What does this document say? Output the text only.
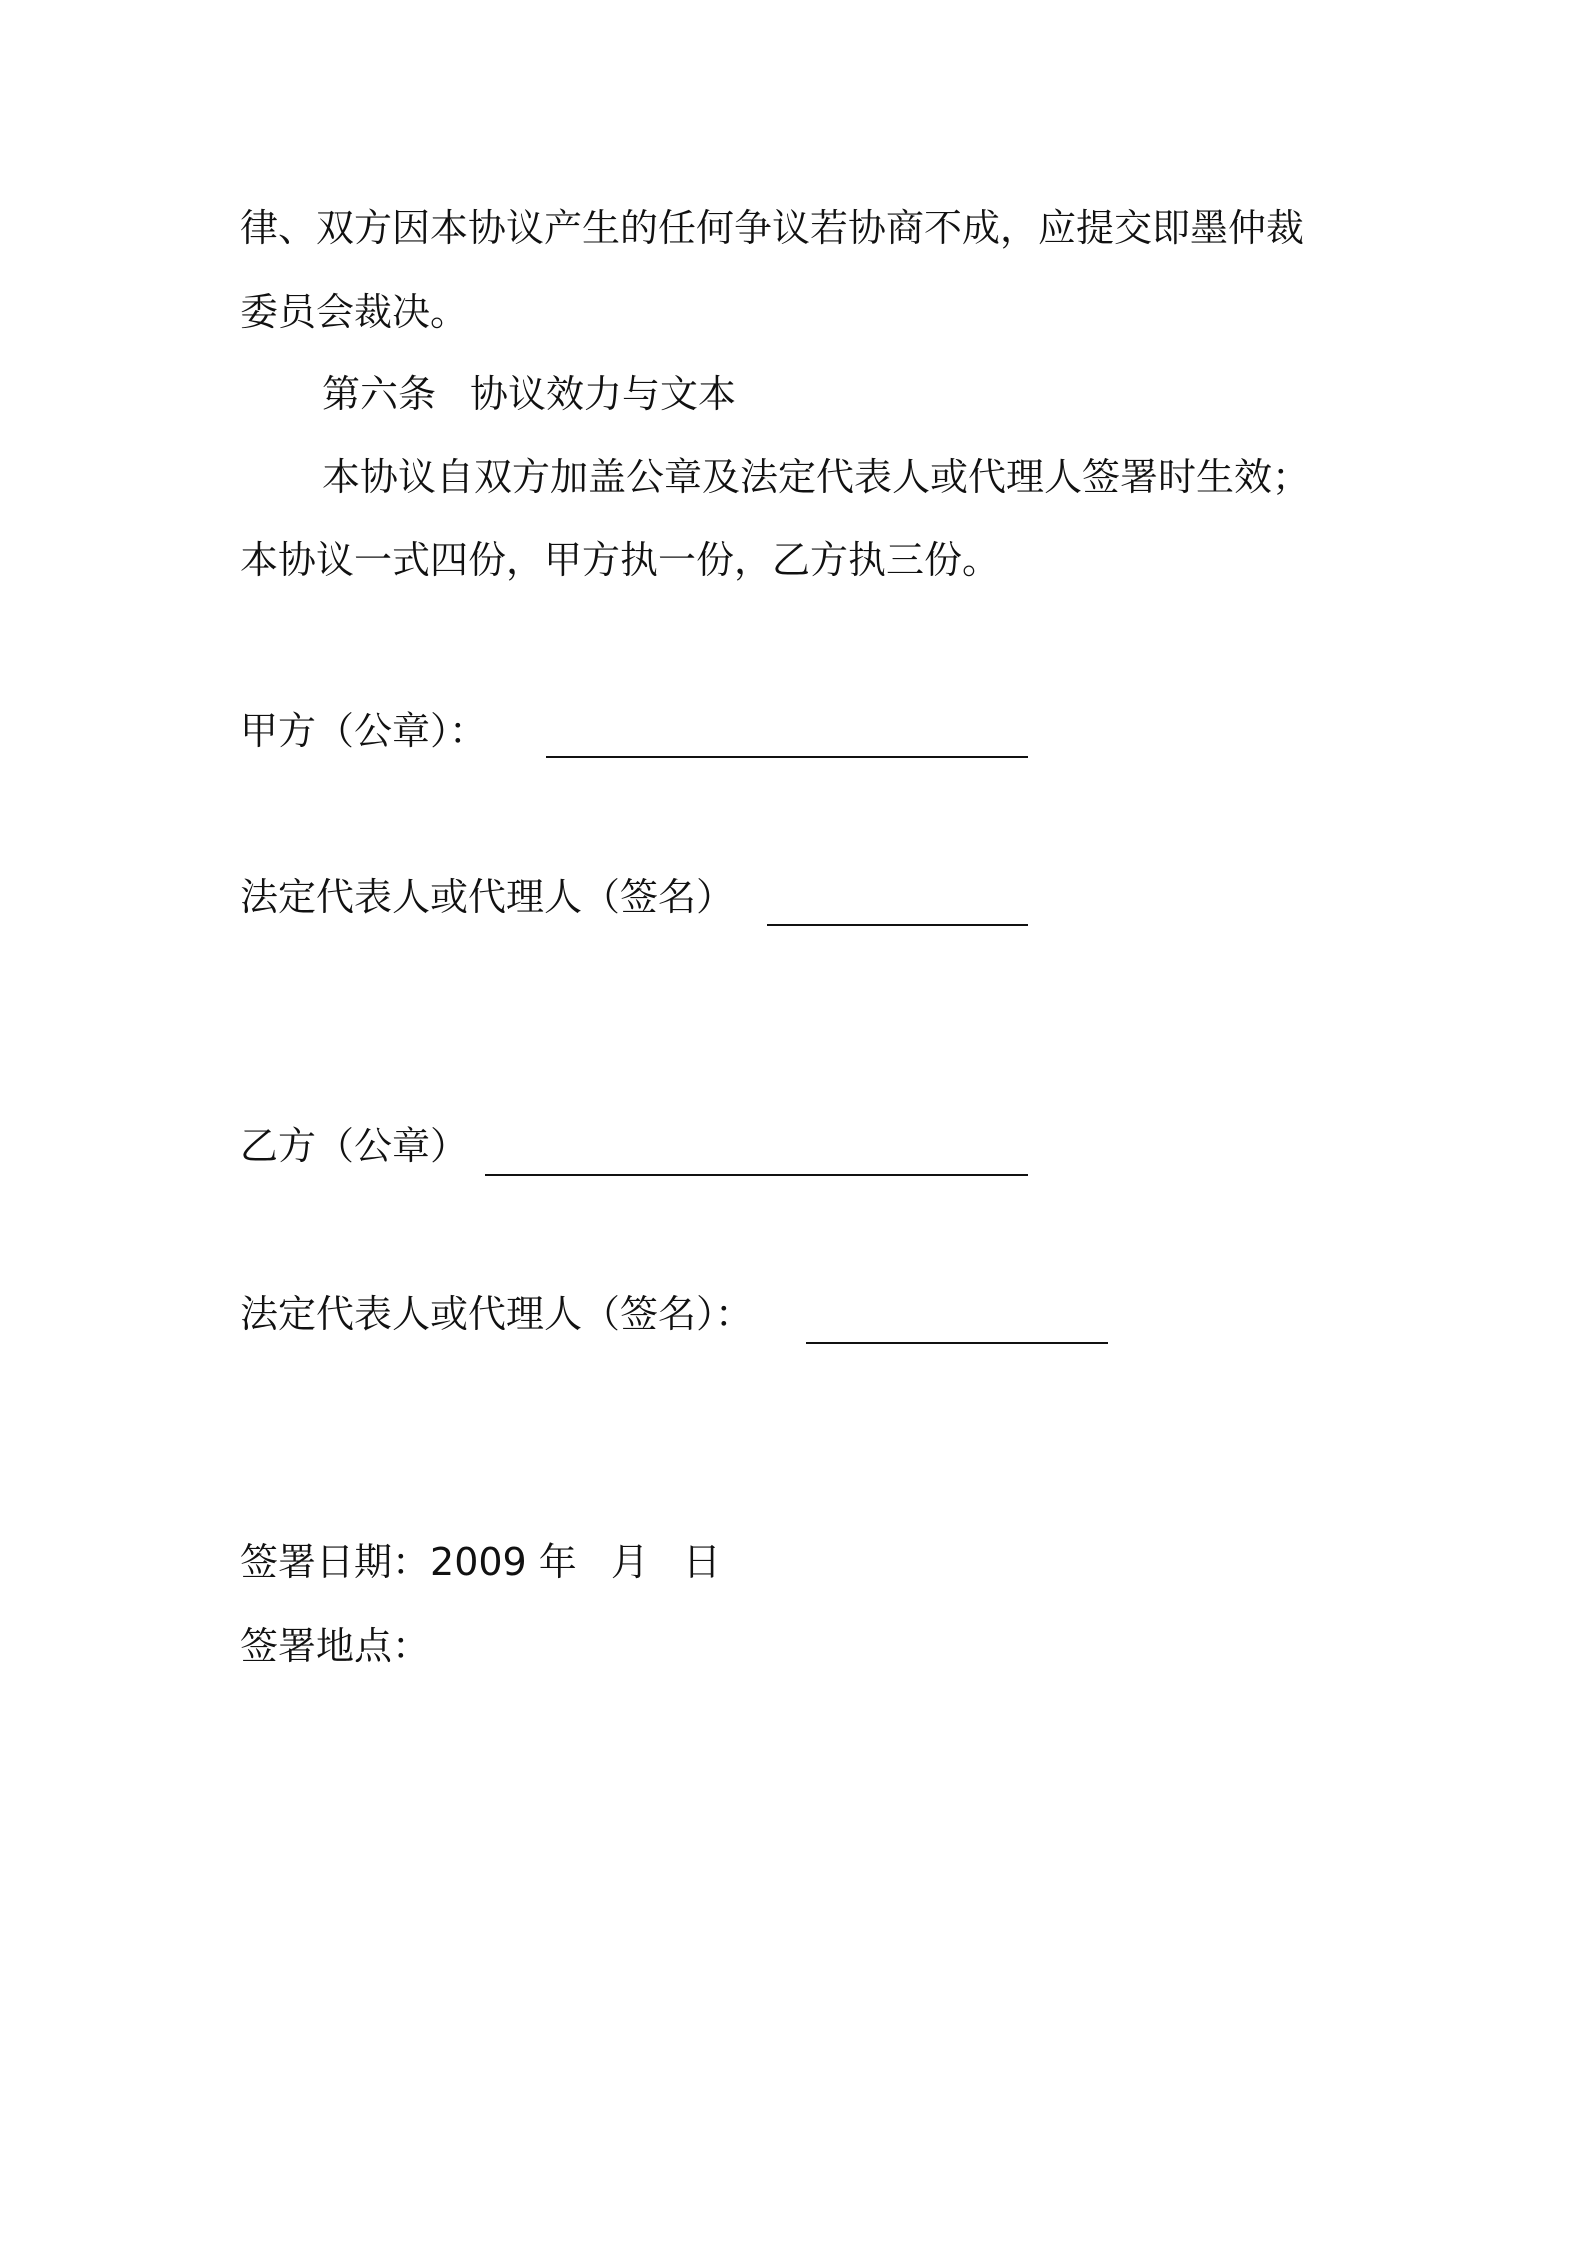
律、双方因本协议产生的任何争议若协商不成，应提交即墨仲裁
委员会裁决。
第六条 协议效力与文本
本协议自双方加盖公章及法定代表人或代理人签署时生效；
本协议一式四份，甲方执一份，乙方执三份。
甲方（公章）：
法定代表人或代理人（签名）
乙方（公章）
法定代表人或代理人（签名）：
签署日期：2009 年 月 日
签署地点：
